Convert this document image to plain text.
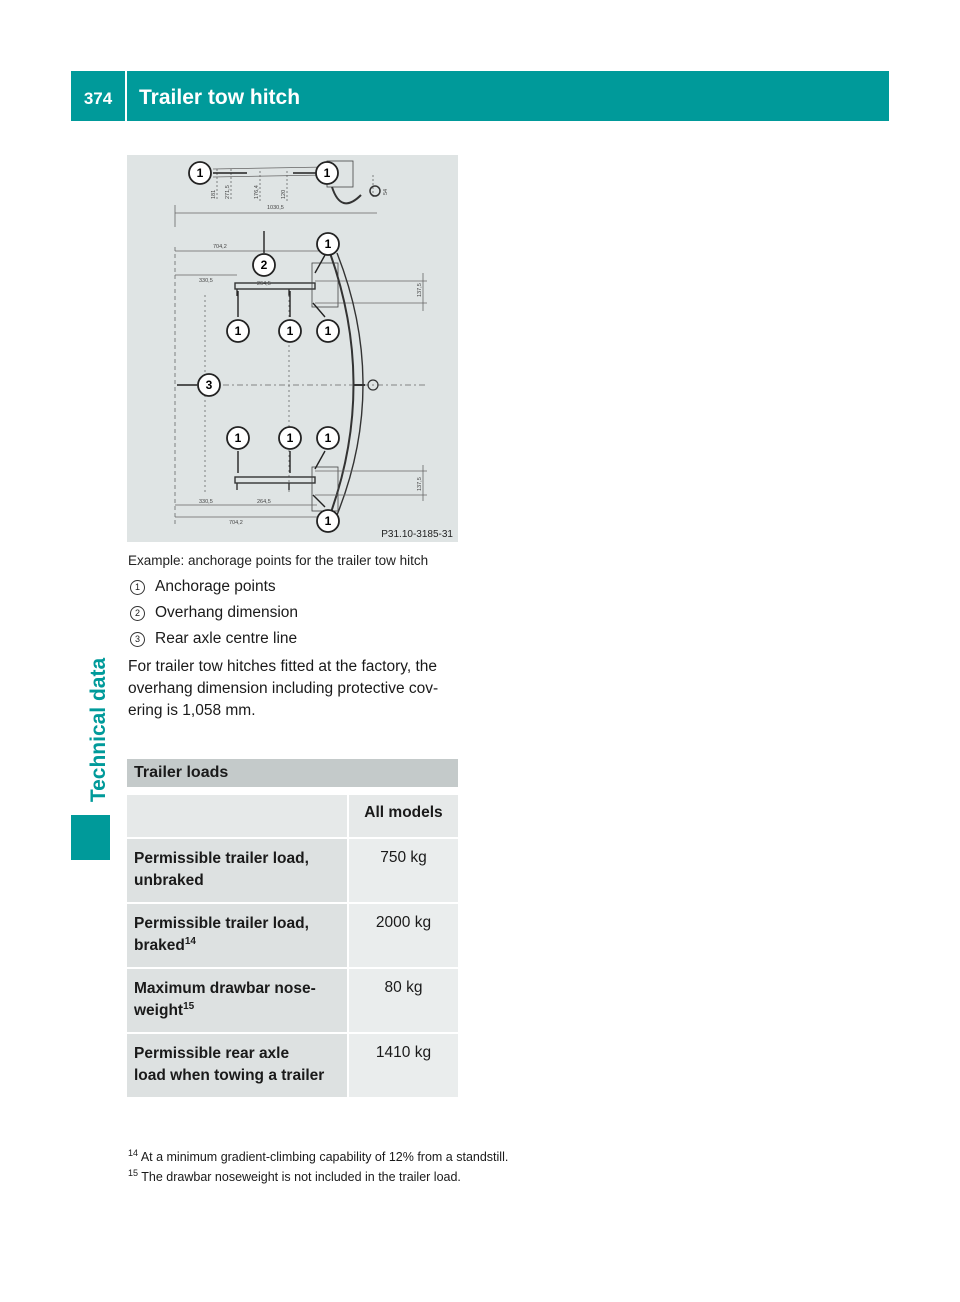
374	Trailer tow hitch
Technical data
181 271,5	176,4	120	54
1030,5
704,2
330,5	264,5	137,5
330,5	264,5
704,2
137,5
1	1
2
1
1	1	1
3
1	1	1
1
P31.10-3185-31
Example: anchorage points for the trailer tow hitch
1 Anchorage points
2 Overhang dimension
3 Rear axle centre line
For trailer tow hitches fitted at the factory, the
overhang dimension including protective cov-
ering is 1,058 mm.
Trailer loads
	All models

Permissible trailer load,
unbraked	750 kg

Permissible trailer load,
braked$^{14}$	2000 kg

Maximum drawbar nose-
weight$^{15}$	80 kg

Permissible rear axle
load when towing a trailer	1410 kg
$^{14}$ At a minimum gradient-climbing capability of 12% from a standstill.
$^{15}$ The drawbar noseweight is not included in the trailer load.
